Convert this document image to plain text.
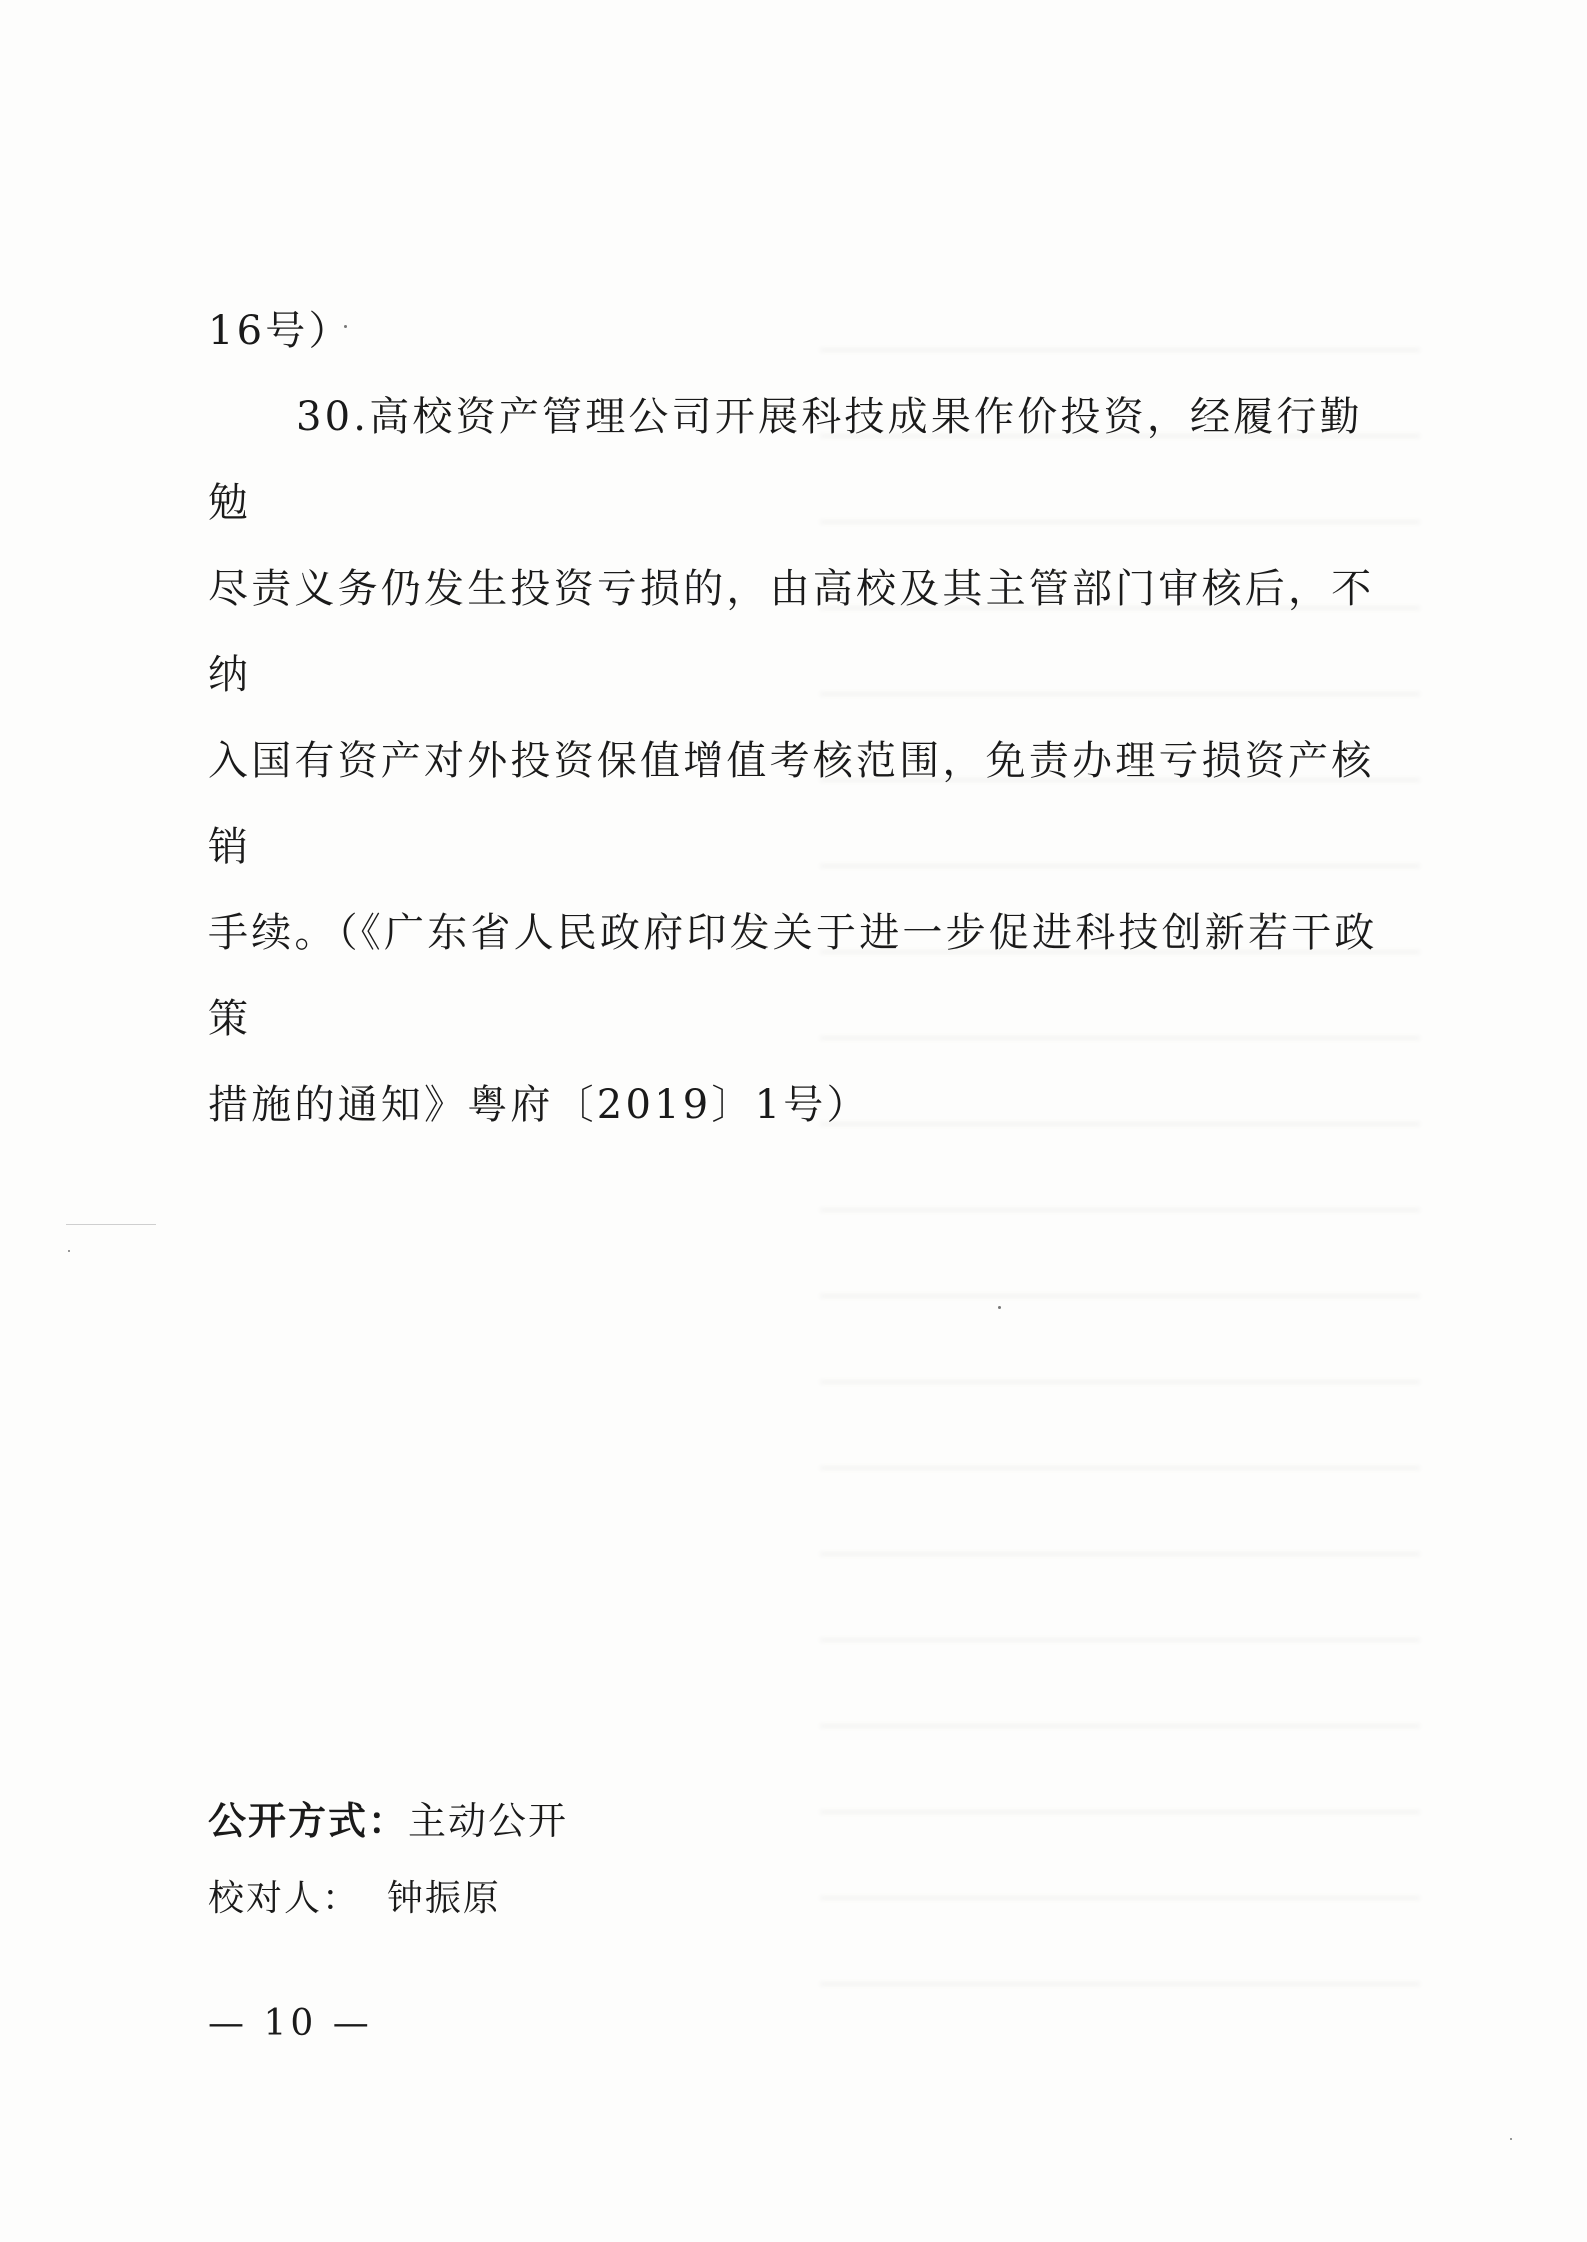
16号）

30.高校资产管理公司开展科技成果作价投资，经履行勤勉

尽责义务仍发生投资亏损的，由高校及其主管部门审核后，不纳

入国有资产对外投资保值增值考核范围，免责办理亏损资产核销

手续。（《广东省人民政府印发关于进一步促进科技创新若干政策

措施的通知》粤府〔2019〕1号）

公开方式：主动公开
校对人：  钟振原
— 10 —
